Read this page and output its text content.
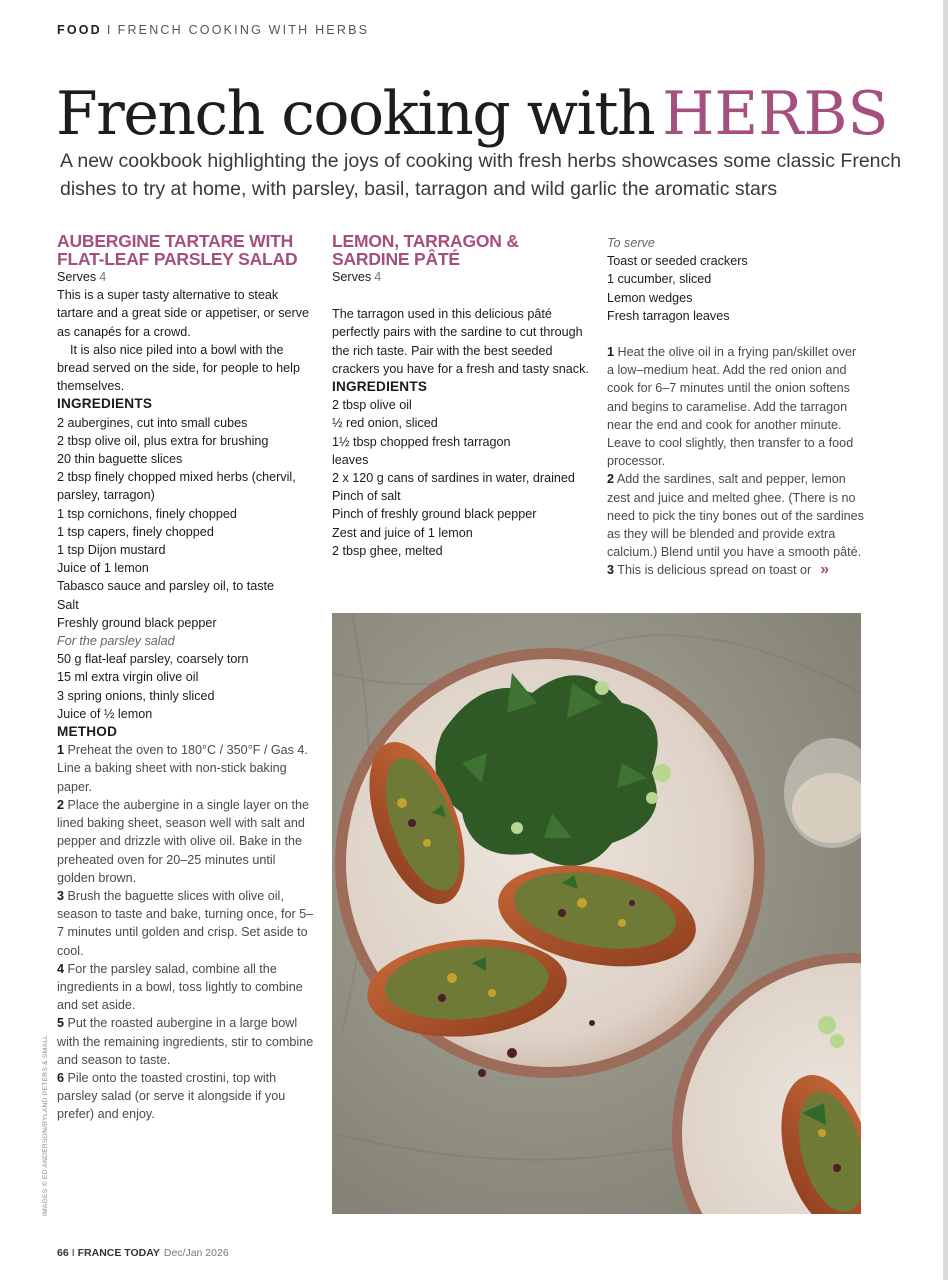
FOOD I FRENCH COOKING WITH HERBS
French cooking with HERBS
A new cookbook highlighting the joys of cooking with fresh herbs showcases some classic French dishes to try at home, with parsley, basil, tarragon and wild garlic the aromatic stars

AUBERGINE TARTARE WITH FLAT-LEAF PARSLEY SALAD

Serves 4

This is a super tasty alternative to steak tartare and a great side or appetiser, or serve as canapés for a crowd.

It is also nice piled into a bowl with the bread served on the side, for people to help themselves.

INGREDIENTS

2 aubergines, cut into small cubes
2 tbsp olive oil, plus extra for brushing
20 thin baguette slices
2 tbsp finely chopped mixed herbs (chervil, parsley, tarragon)
1 tsp cornichons, finely chopped
1 tsp capers, finely chopped
1 tsp Dijon mustard
Juice of 1 lemon
Tabasco sauce and parsley oil, to taste
Salt
Freshly ground black pepper

For the parsley salad

50 g flat-leaf parsley, coarsely torn
15 ml extra virgin olive oil
3 spring onions, thinly sliced
Juice of ½ lemon

METHOD

1 Preheat the oven to 180°C / 350°F / Gas 4. Line a baking sheet with non-stick baking paper.
2 Place the aubergine in a single layer on the lined baking sheet, season well with salt and pepper and drizzle with olive oil. Bake in the preheated oven for 20–25 minutes until golden brown.
3 Brush the baguette slices with olive oil, season to taste and bake, turning once, for 5–7 minutes until golden and crisp. Set aside to cool.
4 For the parsley salad, combine all the ingredients in a bowl, toss lightly to combine and set aside.
5 Put the roasted aubergine in a large bowl with the remaining ingredients, stir to combine and season to taste.
6 Pile onto the toasted crostini, top with parsley salad (or serve it alongside if you prefer) and enjoy.

LEMON, TARRAGON & SARDINE PÂTÉ

Serves 4

The tarragon used in this delicious pâté perfectly pairs with the sardine to cut through the rich taste. Pair with the best seeded crackers you have for a fresh and tasty snack.

INGREDIENTS

2 tbsp olive oil
½ red onion, sliced
1½ tbsp chopped fresh tarragon leaves
2 x 120 g cans of sardines in water, drained
Pinch of salt
Pinch of freshly ground black pepper
Zest and juice of 1 lemon
2 tbsp ghee, melted

To serve

Toast or seeded crackers
1 cucumber, sliced
Lemon wedges
Fresh tarragon leaves
1 Heat the olive oil in a frying pan/skillet over a low–medium heat. Add the red onion and cook for 6–7 minutes until the onion softens and begins to caramelise. Add the tarragon near the end and cook for another minute. Leave to cool slightly, then transfer to a food processor.
2 Add the sardines, salt and pepper, lemon zest and juice and melted ghee. (There is no need to pick the tiny bones out of the sardines as they will be blended and provide extra calcium.) Blend until you have a smooth pâté.
3 This is delicious spread on toast or »
IMAGES © ED ANDERSON/RYLAND PETERS & SMALL
66 I FRANCE TODAY Dec/Jan 2026
